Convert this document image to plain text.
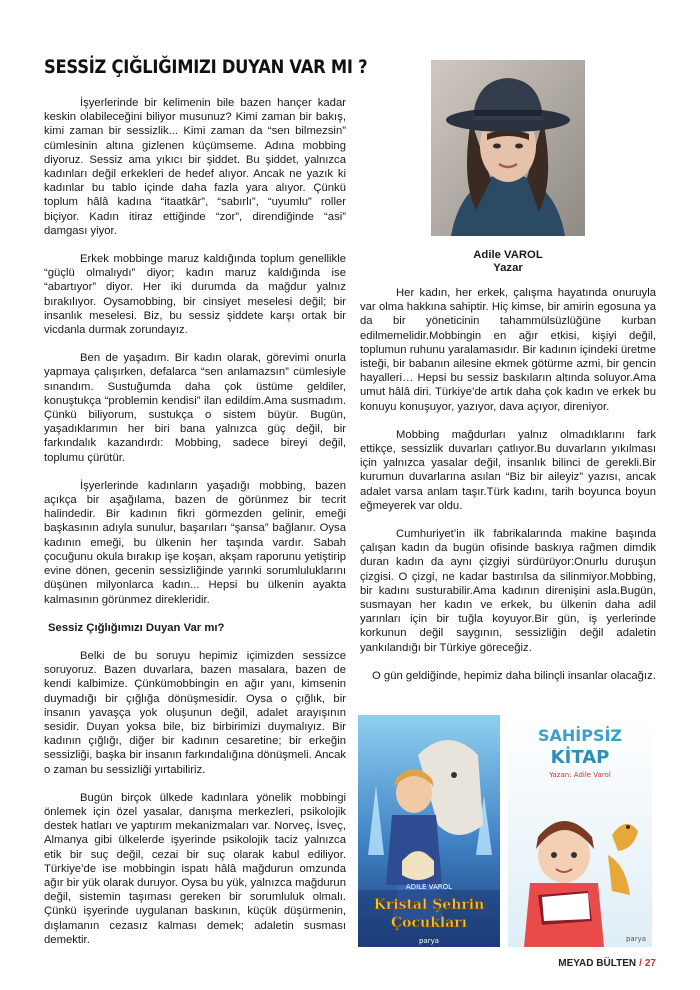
SESSİZ ÇIĞLIĞIMIZI DUYAN VAR MI ?

İşyerlerinde bir kelimenin bile bazen hançer kadar keskin olabileceğini biliyor musunuz? Kimi zaman bir bakış, kimi zaman bir sessizlik... Kimi zaman da “sen bilmezsin” cümlesinin altına gizlenen küçümseme. Adına mobbing diyoruz. Sessiz ama yıkıcı bir şiddet. Bu şiddet, yalnızca kadınları değil erkekleri de hedef alıyor. Ancak ne yazık ki kadınlar bu tablo içinde daha fazla yara alıyor. Çünkü toplum hâlâ kadına “itaatkâr”, “sabırlı”, “uyumlu” roller biçiyor. Kadın itiraz ettiğinde “zor”, direndiğinde “asi” damgası yiyor.

Erkek mobbinge maruz kaldığında toplum genellikle “güçlü olmalıydı” diyor; kadın maruz kaldığında ise “abartıyor” diyor. Her iki durumda da mağdur yalnız bırakılıyor. Oysamobbing, bir cinsiyet meselesi değil; bir insanlık meselesi. Biz, bu sessiz şiddete karşı ortak bir vicdanla durmak zorundayız.

Ben de yaşadım. Bir kadın olarak, görevimi onurla yapmaya çalışırken, defalarca “sen anlamazsın” cümlesiyle sınandım. Sustuğumda daha çok üstüme geldiler, konuştukça “problemin kendisi” ilan edildim.Ama susmadım. Çünkü biliyorum, sustukça o sistem büyür. Bugün, yaşadıklarımın her biri bana yalnızca güç değil, bir farkındalık kazandırdı: Mobbing, sadece bireyi değil, toplumu çürütür.

İşyerlerinde kadınların yaşadığı mobbing, bazen açıkça bir aşağılama, bazen de görünmez bir tecrit halindedir. Bir kadının fikri görmezden gelinir, emeği başkasının adıyla sunulur, başarıları “şansa” bağlanır. Oysa kadının emeği, bu ülkenin her taşında vardır. Sabah çocuğunu okula bırakıp işe koşan, akşam raporunu yetiştirip evine dönen, gecenin sessizliğinde yarınki sorumluluklarını düşünen milyonlarca kadın... Hepsi bu ülkenin ayakta kalmasının görünmez direkleridir.

Sessiz Çığlığımızı Duyan Var mı?

Belki de bu soruyu hepimiz içimizden sessizce soruyoruz. Bazen duvarlara, bazen masalara, bazen de kendi kalbimize. Çünkümobbingin en ağır yanı, kimsenin duymadığı bir çığlığa dönüşmesidir. Oysa o çığlık, bir insanın yavaşça yok oluşunun değil, adalet arayışının sesidir. Duyan yoksa bile, biz birbirimizi duymalıyız. Bir kadının çığlığı, diğer bir kadının cesaretine; bir erkeğin sessizliği, başka bir insanın farkındalığına dönüşmeli. Ancak o zaman bu sessizliği yırtabiliriz.

Bugün birçok ülkede kadınlara yönelik mobbingi önlemek için özel yasalar, danışma merkezleri, psikolojik destek hatları ve yaptırım mekanizmaları var. Norveç, İsveç, Almanya gibi ülkelerde işyerinde psikolojik taciz yalnızca etik bir suç değil, cezai bir suç olarak kabul ediliyor. Türkiye’de ise mobbingin ispatı hâlâ mağdurun omzunda ağır bir yük olarak duruyor. Oysa bu yük, yalnızca mağdurun değil, sistemin taşıması gereken bir sorumluluk olmalı. Çünkü işyerinde uygulanan baskının, küçük düşürmenin, dışlamanın cezasız kalması demek; adaletin susması demektir.

Adile VAROL
Yazar

Her kadın, her erkek, çalışma hayatında onuruyla var olma hakkına sahiptir. Hiç kimse, bir amirin egosuna ya da bir yöneticinin tahammülsüzlüğüne kurban edilmemelidir.Mobbingin en ağır etkisi, kişiyi değil, toplumun ruhunu yaralamasıdır. Bir kadının içindeki üretme isteği, bir babanın ailesine ekmek götürme azmi, bir gencin hayalleri… Hepsi bu sessiz baskıların altında soluyor.Ama umut hâlâ diri. Türkiye’de artık daha çok kadın ve erkek bu konuyu konuşuyor, yazıyor, dava açıyor, direniyor.

Mobbing mağdurları yalnız olmadıklarını fark ettikçe, sessizlik duvarları çatlıyor.Bu duvarların yıkılması için yalnızca yasalar değil, insanlık bilinci de gerekli.Bir kurumun duvarlarına asılan “Biz bir aileyiz” yazısı, ancak adalet varsa anlam taşır.Türk kadını, tarih boyunca boyun eğmeyerek var oldu.

Cumhuriyet’in ilk fabrikalarında makine başında çalışan kadın da bugün ofisinde baskıya rağmen dimdik duran kadın da aynı çizgiyi sürdürüyor:Onurlu duruşun çizgisi. O çizgi, ne kadar bastırılsa da silinmiyor.Mobbing, bir kadını susturabilir.Ama kadının direnişini asla.Bugün, susmayan her kadın ve erkek, bu ülkenin daha adil yarınları için bir tuğla koyuyor.Bir gün, iş yerlerinde korkunun değil saygının, sessizliğin değil adaletin yankılandığı bir Türkiye göreceğiz.

O gün geldiğinde, hepimiz daha bilinçli insanlar olacağız.

ADILE VAROL
Kristal Şehrin
Çocukları
parya
SAHİPSİZ
KİTAP
Yazan: Adile Varol
parya
MEYAD BÜLTEN / 27
